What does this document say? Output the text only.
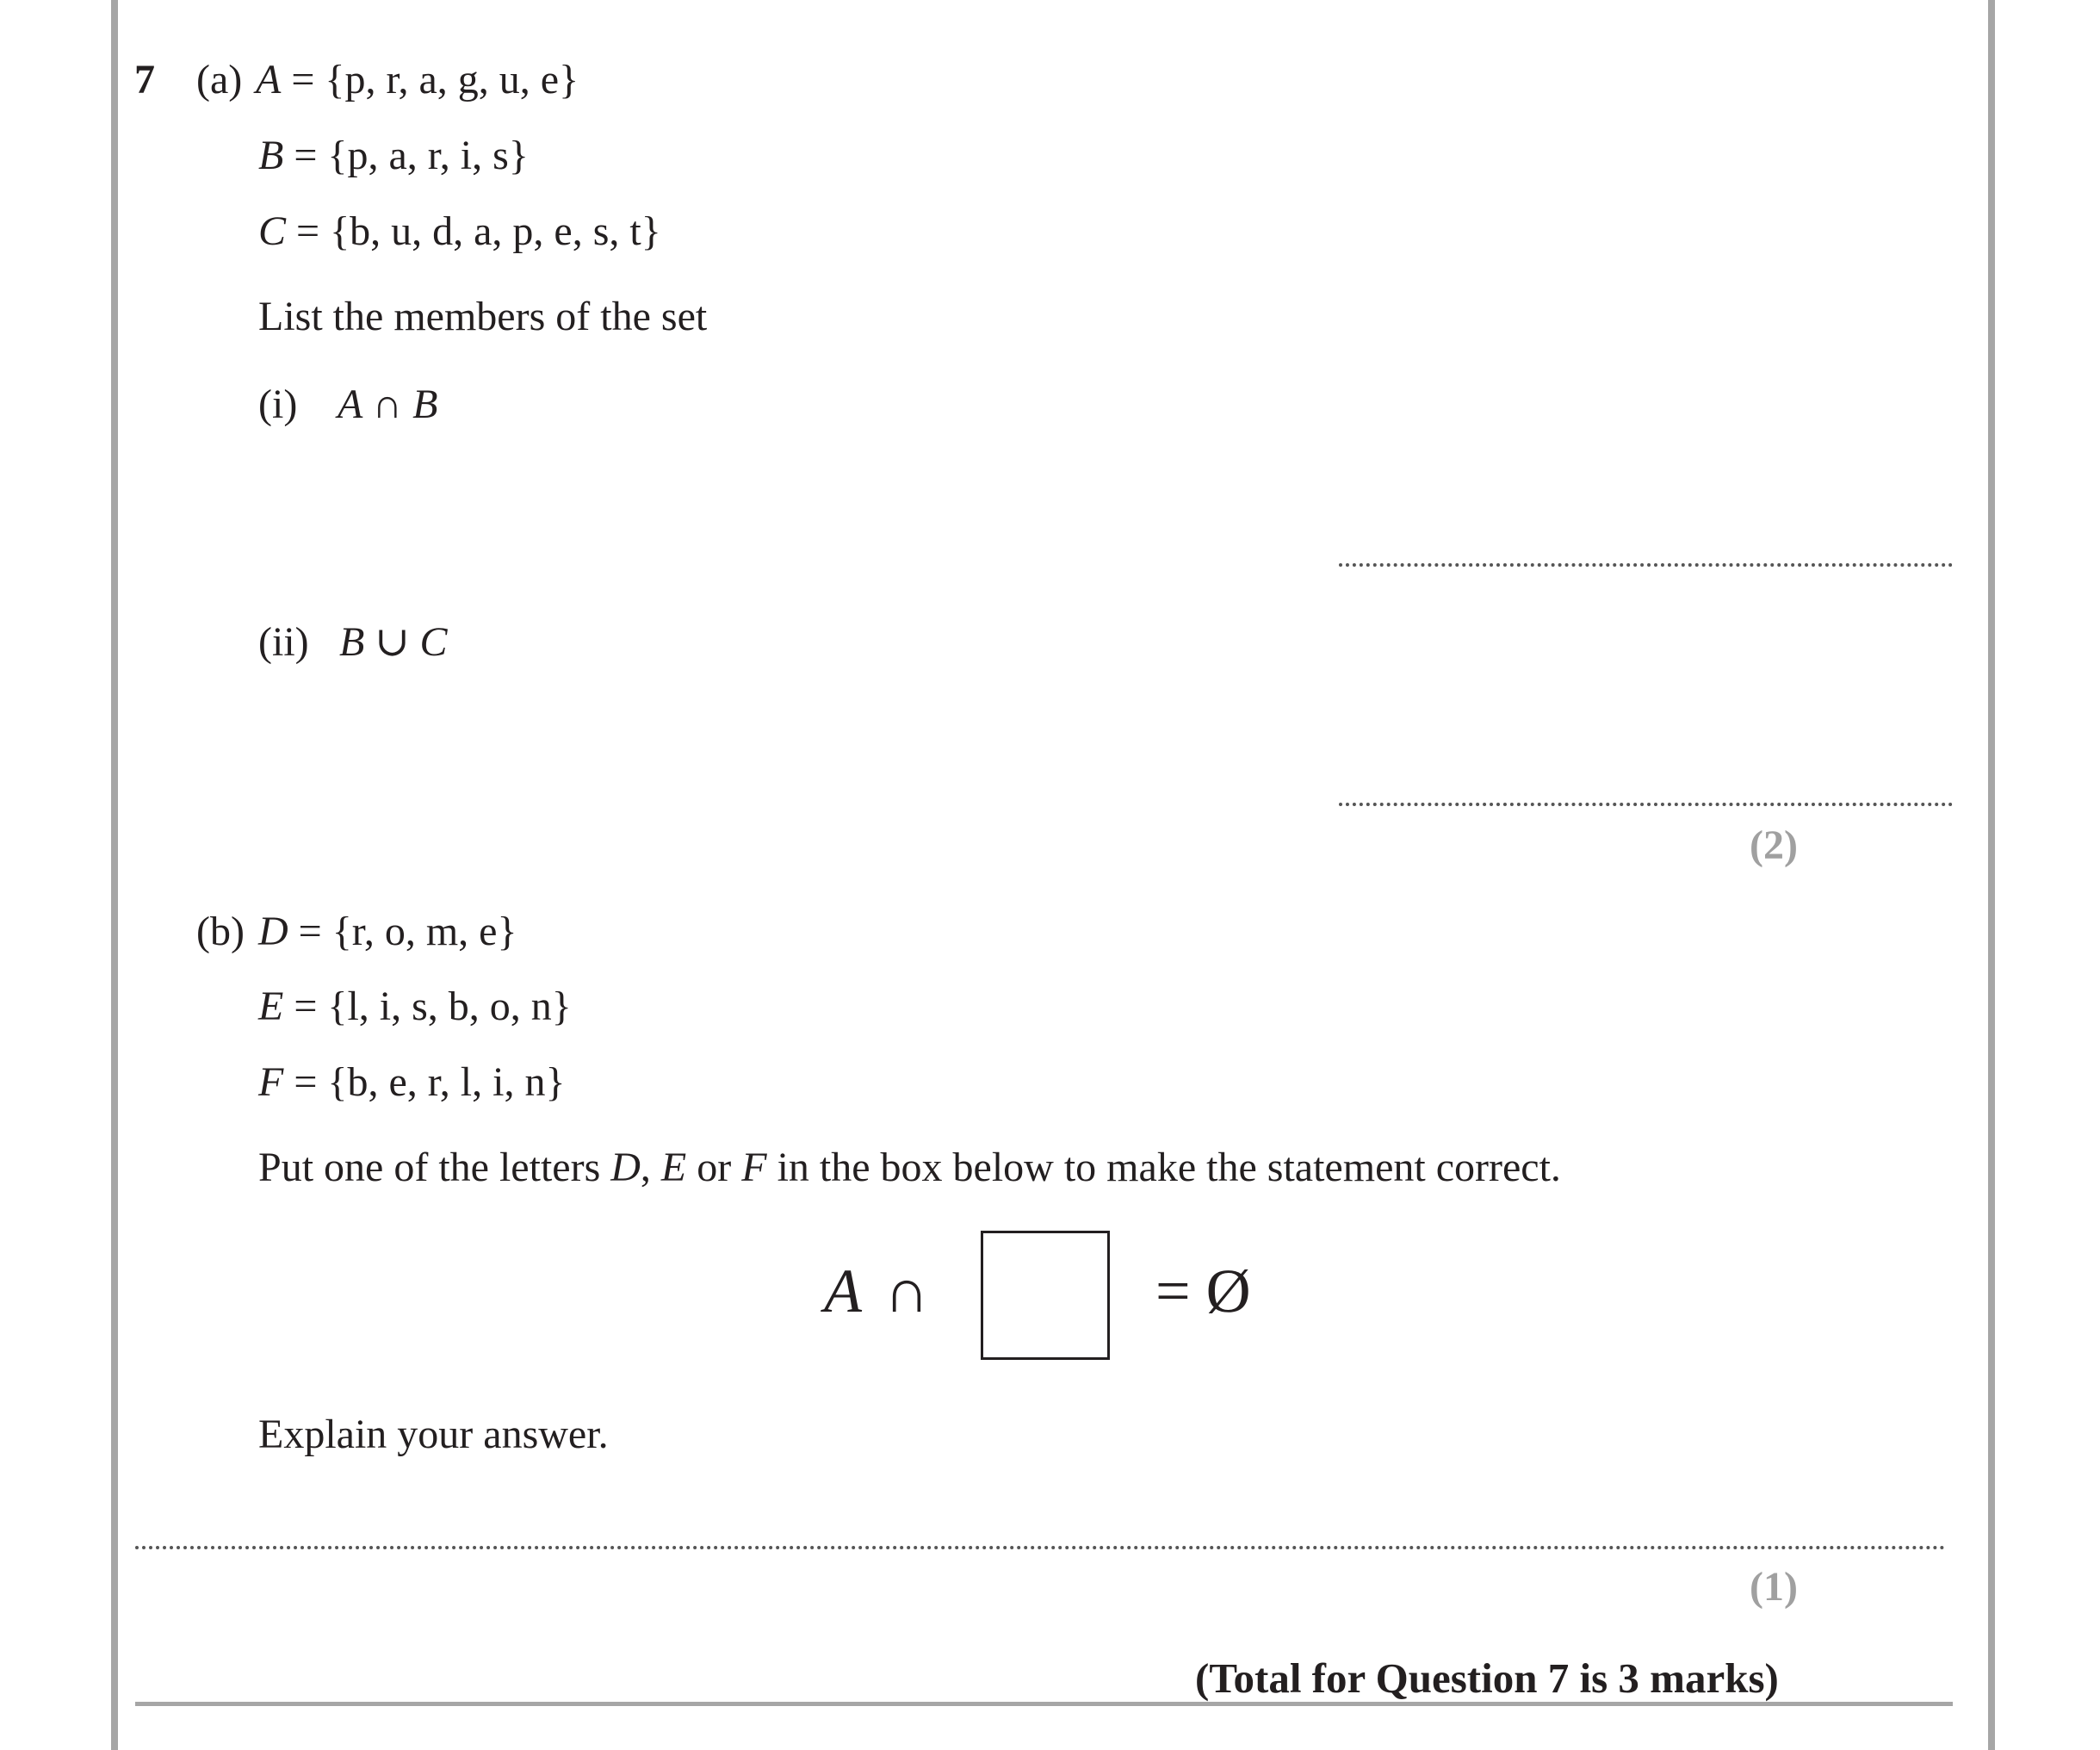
7 (a) A = {p, r, a, g, u, e}
B = {p, a, r, i, s}
C = {b, u, d, a, p, e, s, t}
List the members of the set
(i) A ∩ B
(ii) B ∪ C
(2)
(b) D = {r, o, m, e}
E = {l, i, s, b, o, n}
F = {b, e, r, l, i, n}
Put one of the letters D, E or F in the box below to make the statement correct.
A ∩	= Ø
Explain your answer.
(1)
(Total for Question 7 is 3 marks)
